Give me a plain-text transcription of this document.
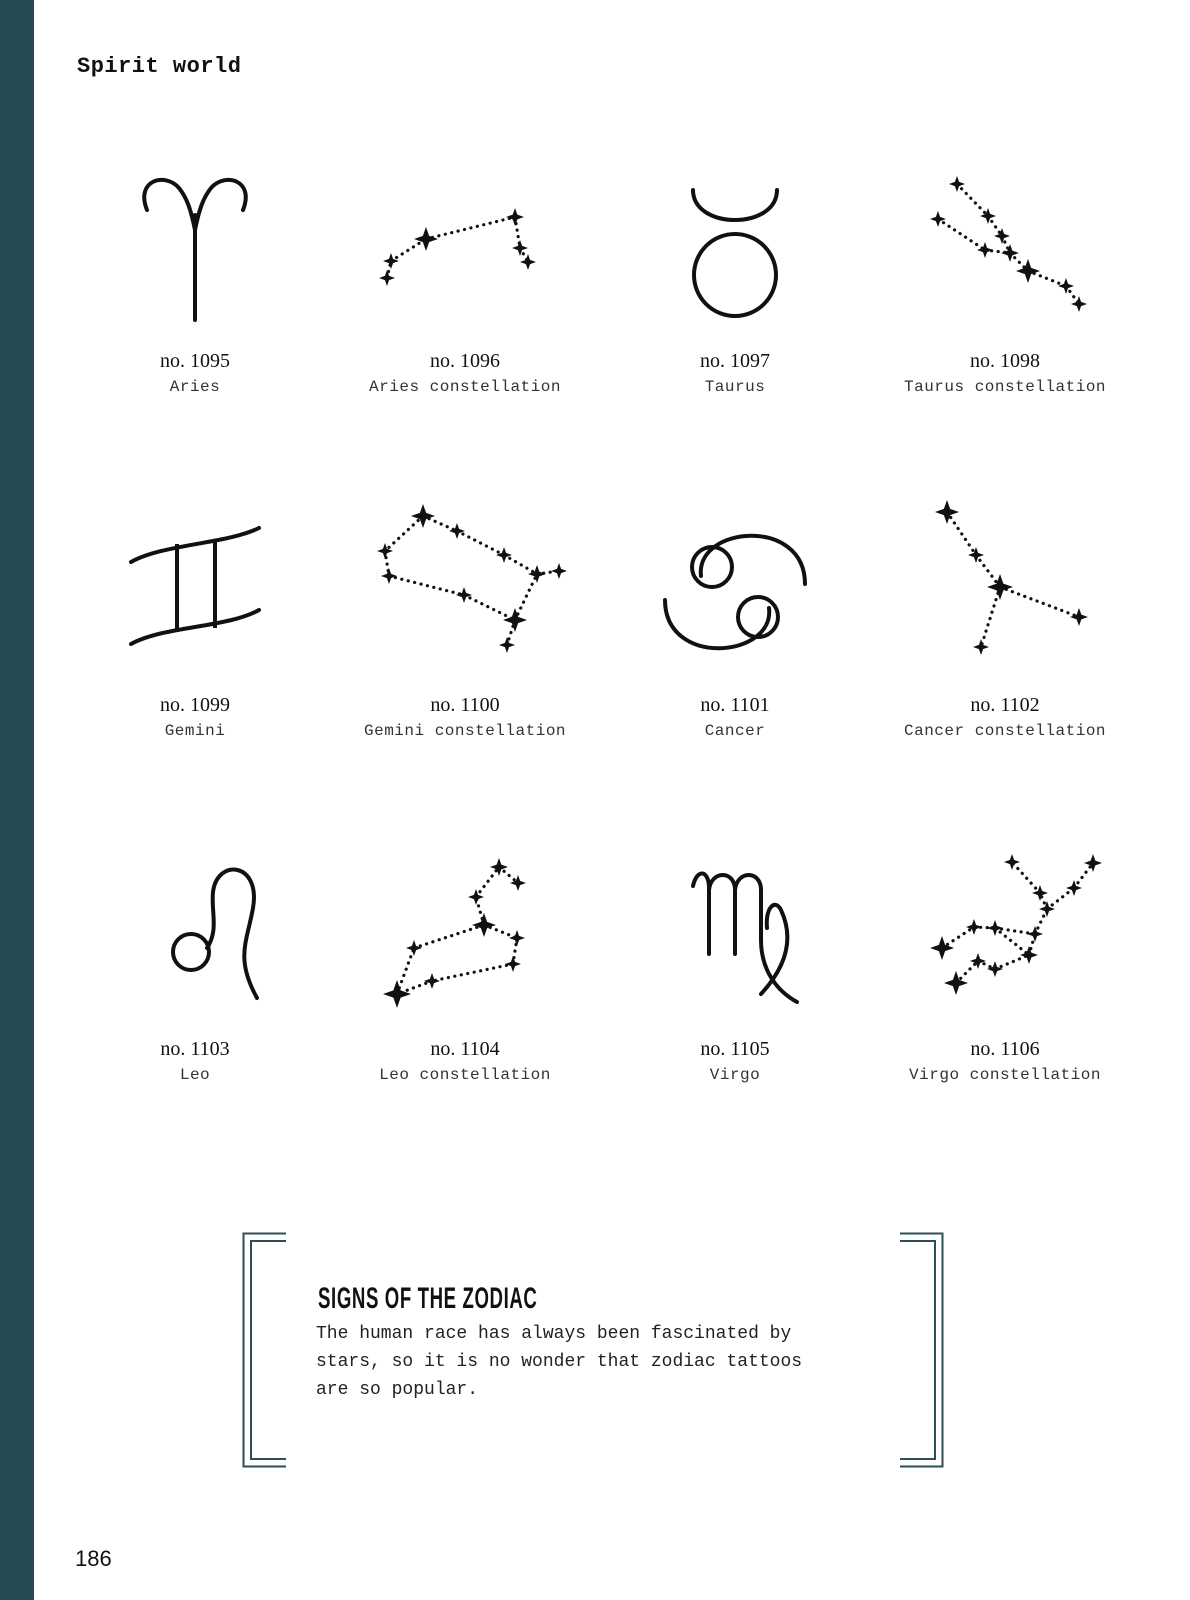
Spirit world
no. 1095
Aries
no. 1096
Aries constellation
no. 1097
Taurus
no. 1098
Taurus constellation
no. 1099
Gemini
no. 1100
Gemini constellation
no. 1101
Cancer
no. 1102
Cancer constellation
no. 1103
Leo
no. 1104
Leo constellation
no. 1105
Virgo
no. 1106
Virgo constellation
SIGNS OF THE ZODIAC
The human race has always been fascinated by stars, so it is no wonder that zodiac tattoos are so popular.
186
